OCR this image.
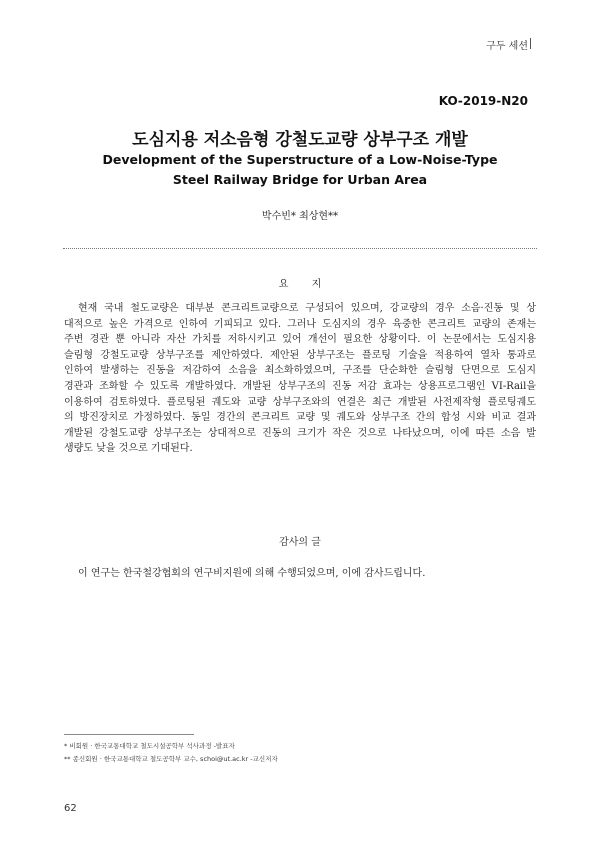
구두 세션
KO-2019-N20
도심지용 저소음형 강철도교량 상부구조 개발
Development of the Superstructure of a Low-Noise-Type
Steel Railway Bridge for Urban Area
박수빈* 최상현**
요 지
현재 국내 철도교량은 대부분 콘크리트교량으로 구성되어 있으며, 강교량의 경우 소음·진동 및 상
대적으로 높은 가격으로 인하여 기피되고 있다. 그러나 도심지의 경우 육중한 콘크리트 교량의 존재는
주변 경관 뿐 아니라 자산 가치를 저하시키고 있어 개선이 필요한 상황이다. 이 논문에서는 도심지용
슬림형 강철도교량 상부구조를 제안하였다. 제안된 상부구조는 플로팅 기술을 적용하여 열차 통과로
인하여 발생하는 진동을 저감하여 소음을 최소화하였으며, 구조를 단순화한 슬림형 단면으로 도심지
경관과 조화할 수 있도록 개발하였다. 개발된 상부구조의 진동 저감 효과는 상용프로그램인 VI-Rail을
이용하여 검토하였다. 플로팅된 궤도와 교량 상부구조와의 연결은 최근 개발된 사전제작형 플로팅궤도
의 방진장치로 가정하였다. 동일 경간의 콘크리트 교량 및 궤도와 상부구조 간의 합성 시와 비교 결과
개발된 강철도교량 상부구조는 상대적으로 진동의 크기가 작은 것으로 나타났으며, 이에 따른 소음 발
생량도 낮을 것으로 기대된다.
감사의 글
이 연구는 한국철강협회의 연구비지원에 의해 수행되었으며, 이에 감사드립니다.
* 비회원 · 한국교통대학교 철도시설공학부 석사과정 -발표자
** 종신회원 · 한국교통대학교 철도공학부 교수, schoi@ut.ac.kr -교신저자
62
